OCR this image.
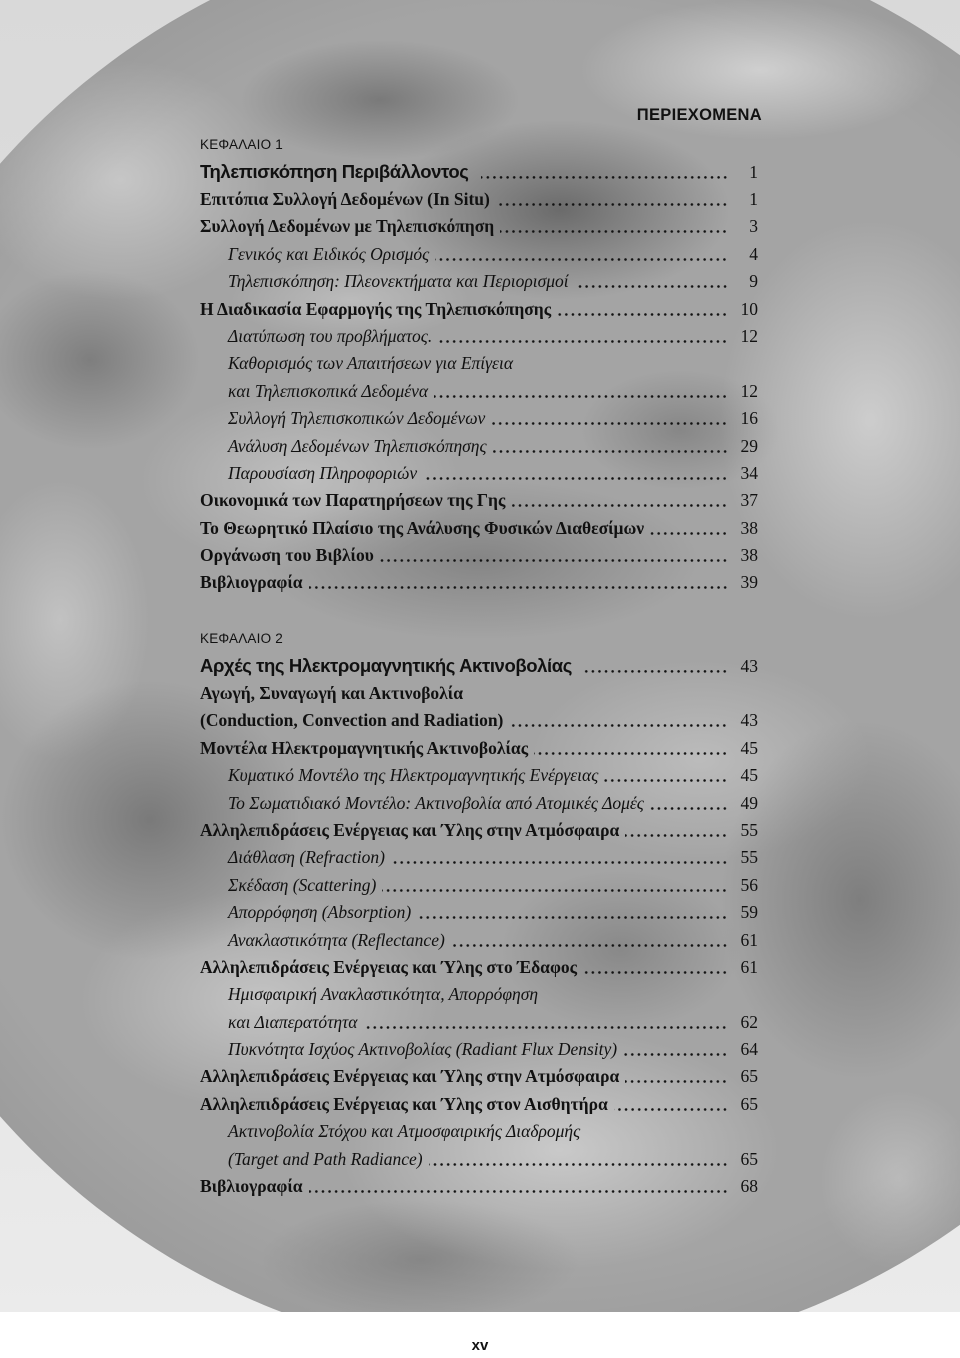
ΠΕΡΙΕΧΟΜΕΝΑ
ΚΕΦΑΛΑΙΟ 1
Τηλεπισκόπηση Περιβάλλοντος	1
Επιτόπια Συλλογή Δεδομένων (In Situ)	1
Συλλογή Δεδομένων με Τηλεπισκόπηση	3
Γενικός και Ειδικός Ορισμός	4
Τηλεπισκόπηση: Πλεονεκτήματα και Περιορισμοί	9
Η Διαδικασία Εφαρμογής της Τηλεπισκόπησης	10
Διατύπωση του προβλήματος.	12
Καθορισμός των Απαιτήσεων για Επίγεια
και Τηλεπισκοπικά Δεδομένα	12
Συλλογή Τηλεπισκοπικών Δεδομένων	16
Ανάλυση Δεδομένων Τηλεπισκόπησης	29
Παρουσίαση Πληροφοριών	34
Οικονομικά των Παρατηρήσεων της Γης	37
Το Θεωρητικό Πλαίσιο της Ανάλυσης Φυσικών Διαθεσίμων	38
Οργάνωση του Βιβλίου	38
Βιβλιογραφία	39
ΚΕΦΑΛΑΙΟ 2
Αρχές της Ηλεκτρομαγνητικής Ακτινοβολίας	43
Αγωγή, Συναγωγή και Ακτινοβολία
(Conduction, Convection and Radiation)	43
Μοντέλα Ηλεκτρομαγνητικής Ακτινοβολίας	45
Κυματικό Μοντέλο της Ηλεκτρομαγνητικής Ενέργειας	45
Το Σωματιδιακό Μοντέλο: Ακτινοβολία από Ατομικές Δομές	49
Αλληλεπιδράσεις Ενέργειας και Ύλης στην Ατμόσφαιρα	55
Διάθλαση (Refraction)	55
Σκέδαση (Scattering)	56
Απορρόφηση (Absorption)	59
Ανακλαστικότητα (Reflectance)	61
Αλληλεπιδράσεις Ενέργειας και Ύλης στο Έδαφος	61
Ημισφαιρική Ανακλαστικότητα, Απορρόφηση
και Διαπερατότητα	62
Πυκνότητα Ισχύος Ακτινοβολίας (Radiant Flux Density)	64
Αλληλεπιδράσεις Ενέργειας και Ύλης στην Ατμόσφαιρα	65
Αλληλεπιδράσεις Ενέργειας και Ύλης στον Αισθητήρα	65
Ακτινοβολία Στόχου και Ατμοσφαιρικής Διαδρομής
(Target and Path Radiance)	65
Βιβλιογραφία	68
xv
